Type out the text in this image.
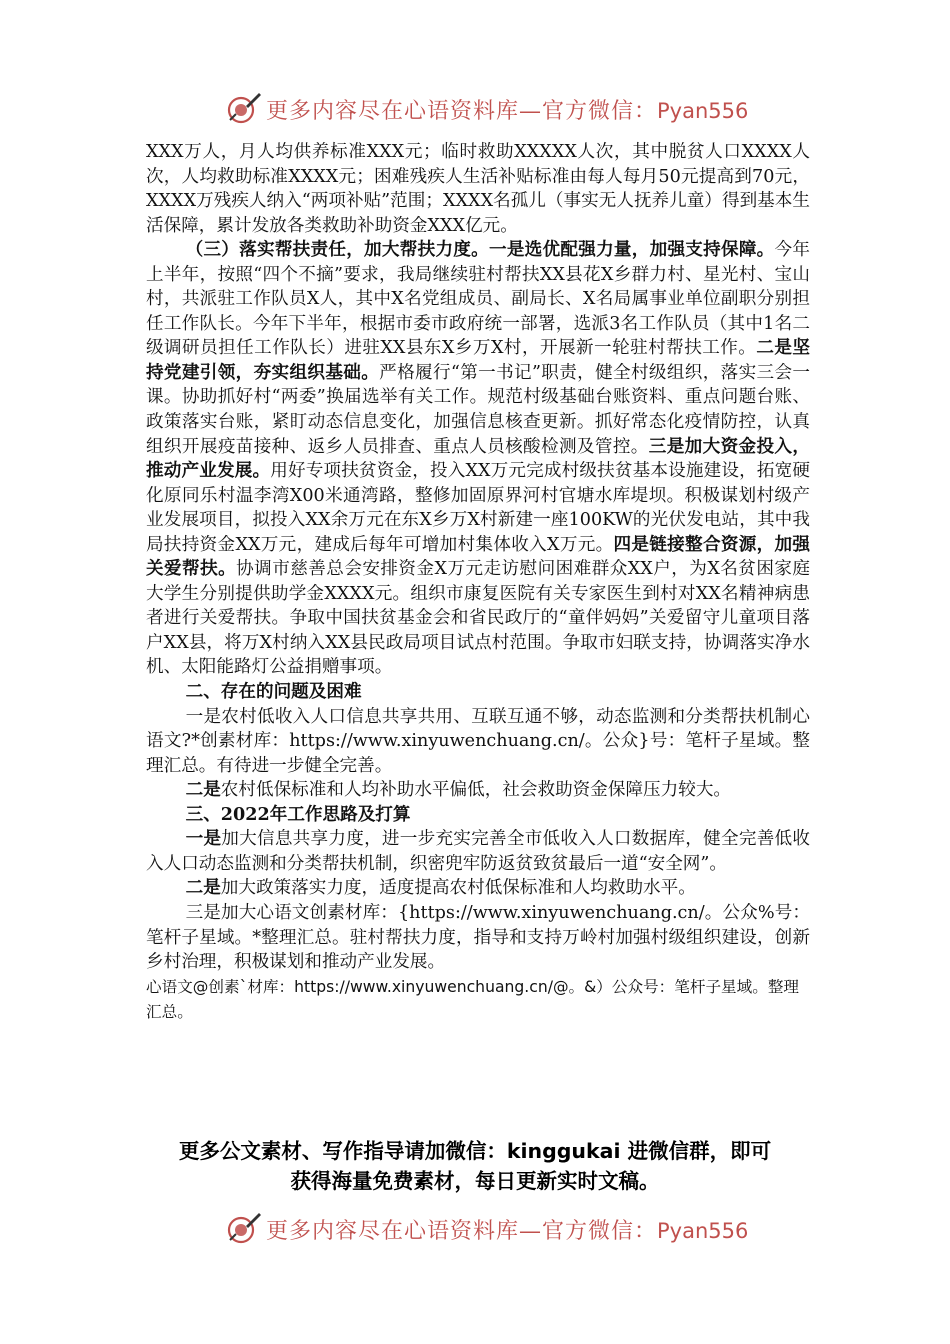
更多内容尽在心语资料库—官方微信：Pyan556

XXX万人，月人均供养标准XXX元；临时救助XXXXX人次，其中脱贫人口XXXX人次，人均救助标准XXXX元；困难残疾人生活补贴标准由每人每月50元提高到70元，XXXX万残疾人纳入“两项补贴”范围；XXXX名孤儿（事实无人抚养儿童）得到基本生活保障，累计发放各类救助补助资金XXX亿元。

（三）落实帮扶责任，加大帮扶力度。一是选优配强力量，加强支持保障。今年上半年，按照“四个不摘”要求，我局继续驻村帮扶XX县花X乡群力村、星光村、宝山村，共派驻工作队员X人，其中X名党组成员、副局长、X名局属事业单位副职分别担任工作队长。今年下半年，根据市委市政府统一部署，选派3名工作队员（其中1名二级调研员担任工作队长）进驻XX县东X乡万X村，开展新一轮驻村帮扶工作。二是坚持党建引领，夯实组织基础。严格履行“第一书记”职责，健全村级组织，落实三会一课。协助抓好村“两委”换届选举有关工作。规范村级基础台账资料、重点问题台账、政策落实台账，紧盯动态信息变化，加强信息核查更新。抓好常态化疫情防控，认真组织开展疫苗接种、返乡人员排查、重点人员核酸检测及管控。三是加大资金投入，推动产业发展。用好专项扶贫资金，投入XX万元完成村级扶贫基本设施建设，拓宽硬化原同乐村温李湾X00米通湾路，整修加固原界河村官塘水库堤坝。积极谋划村级产业发展项目，拟投入XX余万元在东X乡万X村新建一座100KW的光伏发电站，其中我局扶持资金XX万元，建成后每年可增加村集体收入X万元。四是链接整合资源，加强关爱帮扶。协调市慈善总会安排资金X万元走访慰问困难群众XX户，为X名贫困家庭大学生分别提供助学金XXXX元。组织市康复医院有关专家医生到村对XX名精神病患者进行关爱帮扶。争取中国扶贫基金会和省民政厅的“童伴妈妈”关爱留守儿童项目落户XX县，将万X村纳入XX县民政局项目试点村范围。争取市妇联支持，协调落实净水机、太阳能路灯公益捐赠事项。

二、存在的问题及困难

一是农村低收入人口信息共享共用、互联互通不够，动态监测和分类帮扶机制心语文?*创素材库：https://www.xinyuwenchuang.cn/。公众}号：笔杆子星域。整理汇总。有待进一步健全完善。

二是农村低保标准和人均补助水平偏低，社会救助资金保障压力较大。

三、2022年工作思路及打算

一是加大信息共享力度，进一步充实完善全市低收入人口数据库，健全完善低收入人口动态监测和分类帮扶机制，织密兜牢防返贫致贫最后一道“安全网”。

二是加大政策落实力度，适度提高农村低保标准和人均救助水平。

三是加大心语文创素材库：{https://www.xinyuwenchuang.cn/。公众%号：笔杆子星域。*整理汇总。驻村帮扶力度，指导和支持万岭村加强村级组织建设，创新乡村治理，积极谋划和推动产业发展。

心语文@创素`材库：https://www.xinyuwenchuang.cn/@。&）公众号：笔杆子星域。整理汇总。

更多公文素材、写作指导请加微信：kinggukai 进微信群，即可
获得海量免费素材，每日更新实时文稿。
更多内容尽在心语资料库—官方微信：Pyan556
